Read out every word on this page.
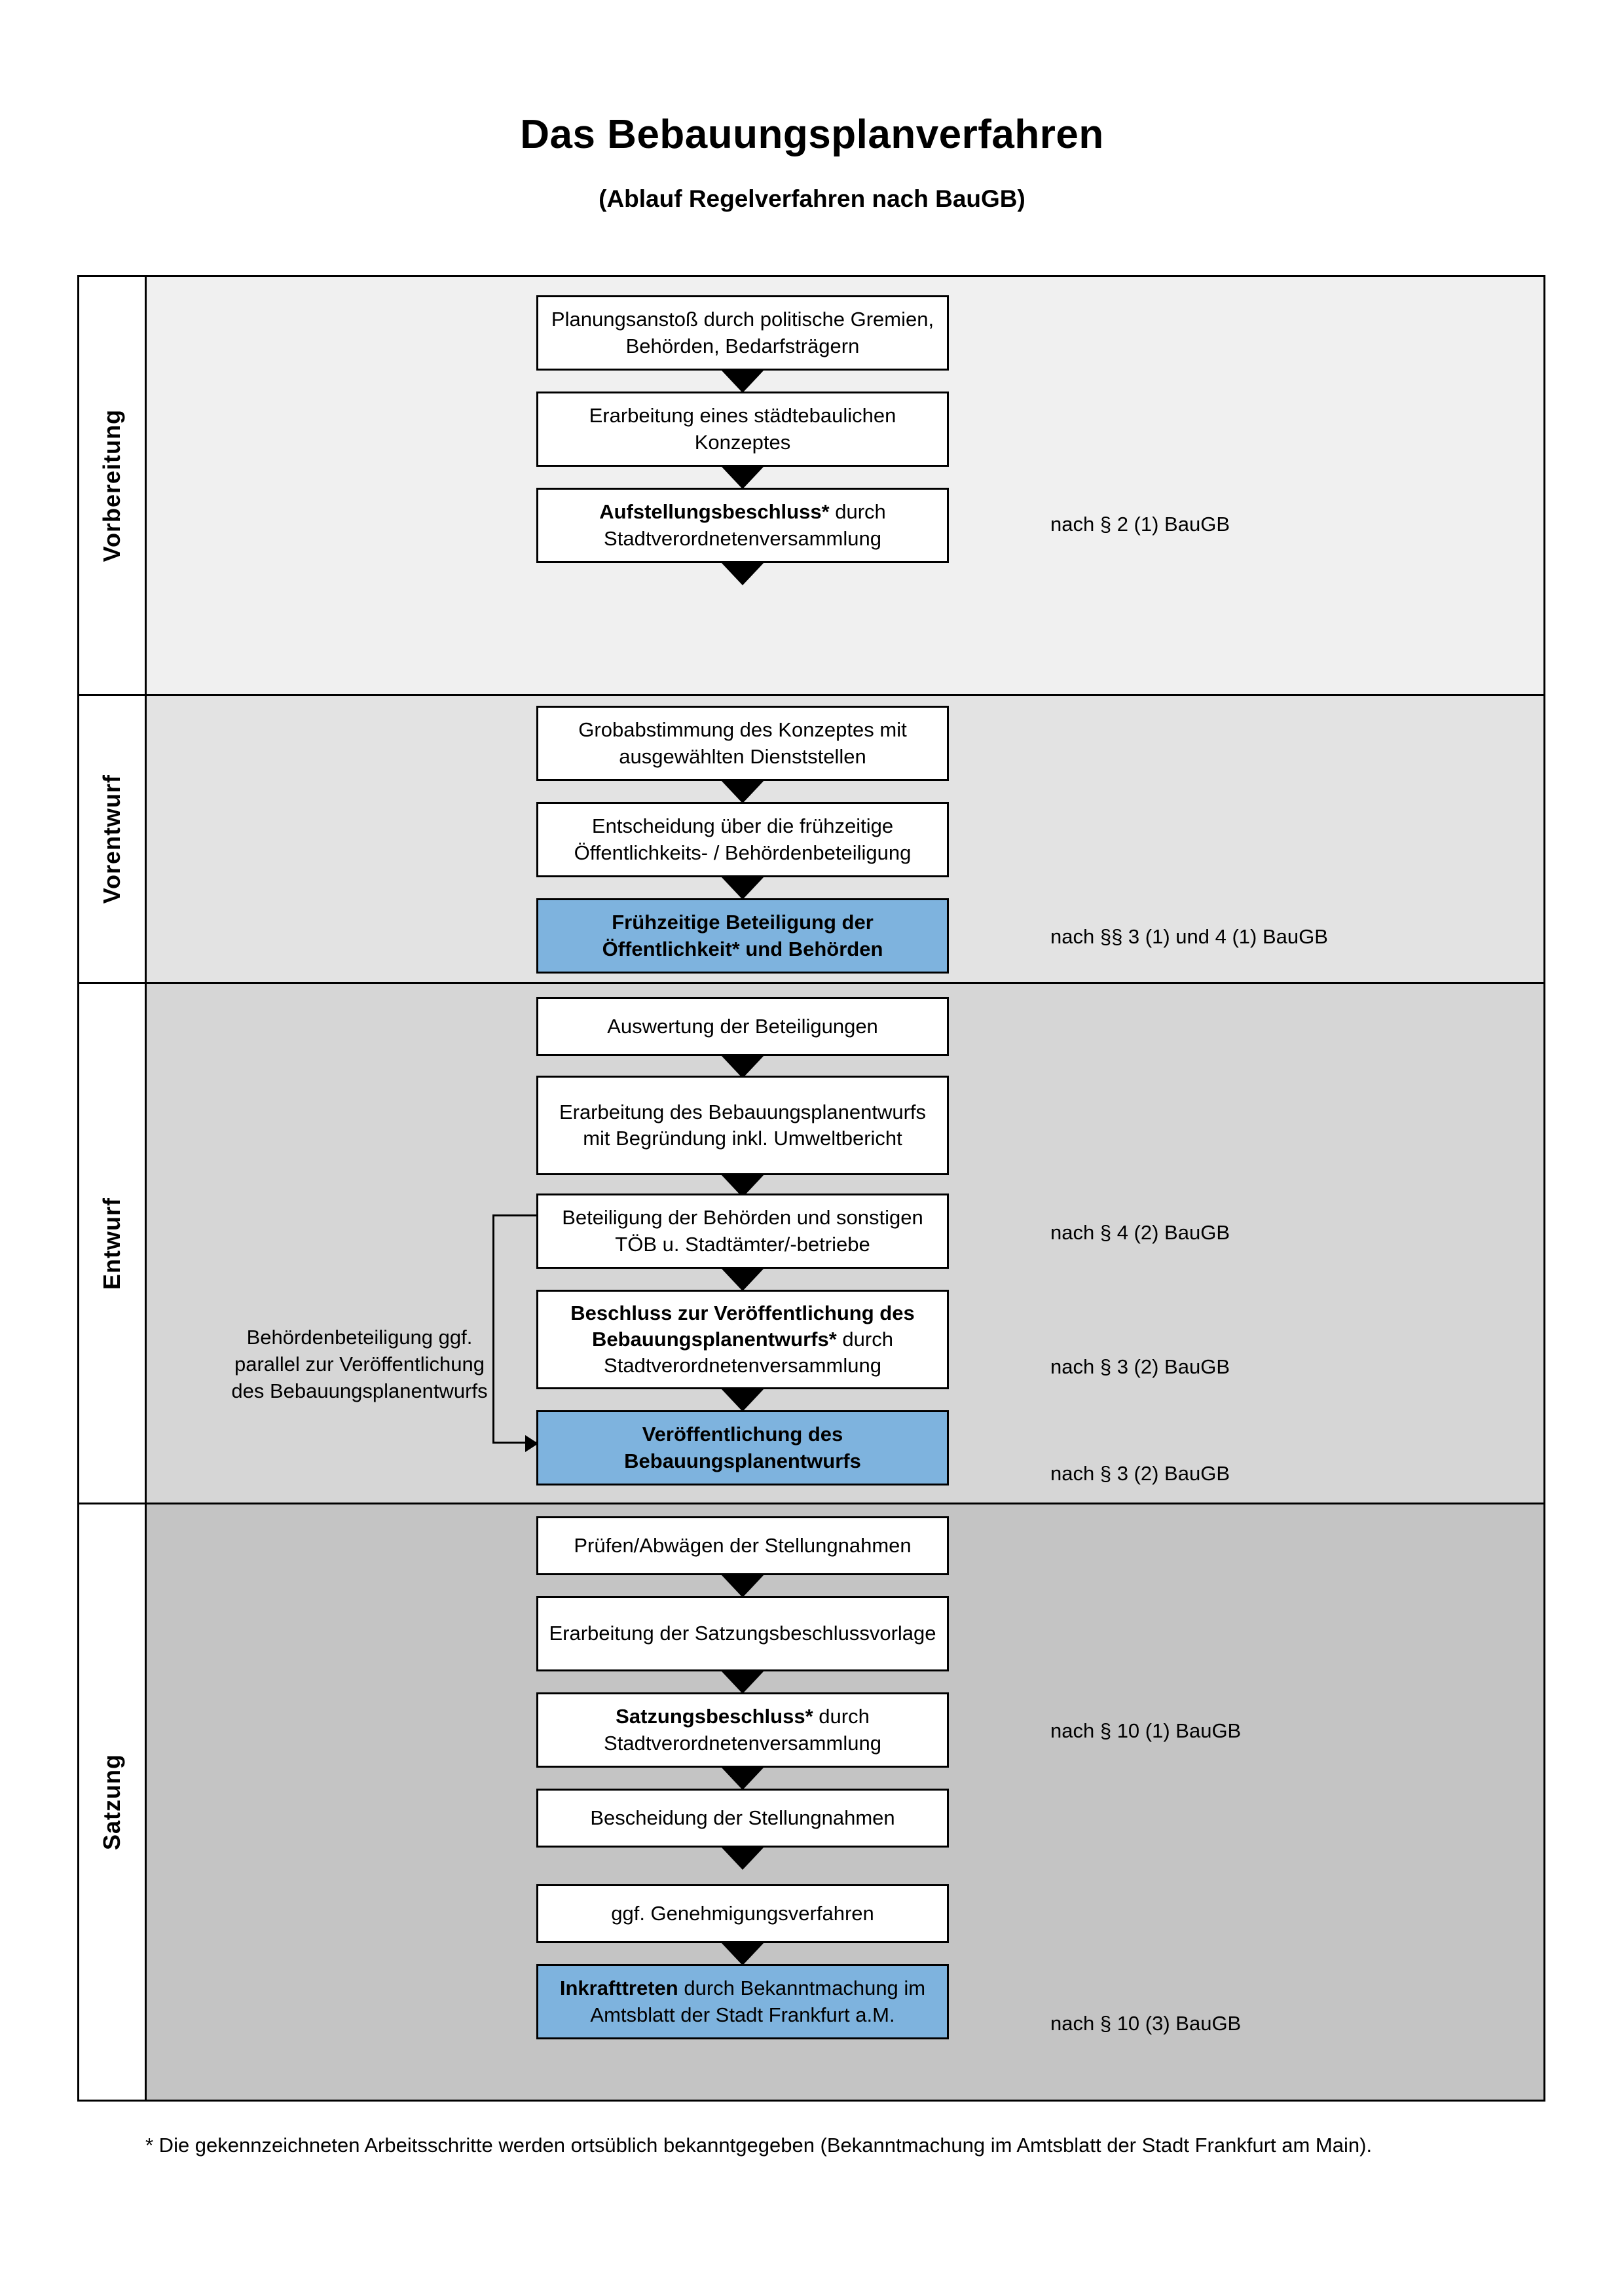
Das Bebauungsplanverfahren
(Ablauf Regelverfahren nach BauGB)
Vorbereitung
Planungsanstoß durch politische Gremien, Behörden, Bedarfsträgern
Erarbeitung eines städtebaulichen Konzeptes
Aufstellungsbeschluss* durch Stadtverordnetenversammlung
nach § 2 (1) BauGB
Vorentwurf
Grobabstimmung des Konzeptes mit ausgewählten Dienststellen
Entscheidung über die frühzeitige Öffentlichkeits- / Behördenbeteiligung
Frühzeitige Beteiligung der Öffentlichkeit* und Behörden
nach §§ 3 (1) und 4 (1) BauGB
Entwurf
Behördenbeteiligung ggf. parallel zur Veröffentlichung des Bebauungsplanentwurfs
Auswertung der Beteiligungen
Erarbeitung des Bebauungsplanentwurfs mit Begründung inkl. Umweltbericht
Beteiligung der Behörden und sonstigen TÖB u. Stadtämter/-betriebe
Beschluss zur Veröffentlichung des Bebauungsplanentwurfs* durch Stadtverordnetenversammlung
Veröffentlichung des Bebauungsplanentwurfs
nach § 4 (2) BauGB
nach § 3 (2) BauGB
nach § 3 (2) BauGB
Satzung
Prüfen/Abwägen der Stellungnahmen
Erarbeitung der Satzungsbeschlussvorlage
Satzungsbeschluss* durch Stadtverordnetenversammlung
Bescheidung der Stellungnahmen
ggf. Genehmigungsverfahren
Inkrafttreten durch Bekanntmachung im Amtsblatt der Stadt Frankfurt a.M.
nach § 10 (1) BauGB
nach § 10 (3) BauGB
* Die gekennzeichneten Arbeitsschritte werden ortsüblich bekanntgegeben (Bekanntmachung im Amtsblatt der Stadt Frankfurt am Main).
